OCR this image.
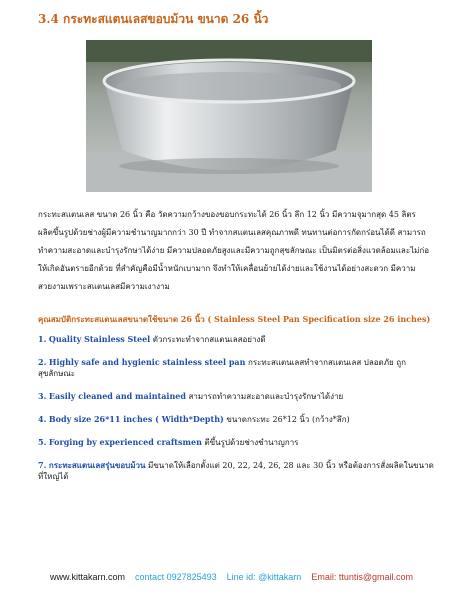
3.4 กระทะสแตนเลสขอบม้วน ขนาด 26 นิ้ว
กระทะสแตนเลส ขนาด 26 นิ้ว คือ วัดความกว้างของขอบกระทะได้ 26 นิ้ว ลึก 12 นิ้ว มีความจุมากสุด 45 ลิตร ผลิตขึ้นรูปด้วยช่างผู้มีความชำนาญมากกว่า 30 ปี ทำจากสแตนเลสคุณภาพดี ทนทานต่อการกัดกร่อนได้ดี สามารถทำความสะอาดและบำรุงรักษาได้ง่าย มีความปลอดภัยสูงและมีความถูกสุขลักษณะ เป็นมิตรต่อสิ่งแวดล้อมและไม่ก่อให้เกิดอันตรายอีกด้วย ที่สำคัญคือมีน้ำหนักเบามาก จึงทำให้เคลื่อนย้ายได้ง่ายและใช้งานได้อย่างสะดวก มีความสวยงามเพราะสแตนเลสมีความเงางาม
คุณสมบัติกระทะสแตนเลสขนาดใช้ขนาด 26 นิ้ว ( Stainless Steel Pan Specification size 26 inches)
1. Quality Stainless Steel ตัวกระทะทำจากสแตนเลสอย่างดี
2. Highly safe and hygienic stainless steel pan กระทะสแตนเลสทำจากสแตนเลส ปลอดภัย ถูกสุขลักษณะ
3. Easily cleaned and maintained สามารถทำความสะอาดและบำรุงรักษาได้ง่าย
4. Body size 26*11 inches ( Width*Depth) ขนาดกระทะ 26*12 นิ้ว (กว้าง*ลึก)
5. Forging by experienced craftsmen ตีขึ้นรูปด้วยช่างชำนาญการ
7. กระทะสแตนเลสรุ่นขอบม้วน มีขนาดให้เลือกตั้งแต่ 20, 22, 24, 26, 28 และ 30 นิ้ว หรือต้องการสั่งผลิตในขนาดที่ใหญ่ได้
www.kittakarn.com contact 0927825493 Line id: @kittakarn Email: ttuntis@gmail.com
